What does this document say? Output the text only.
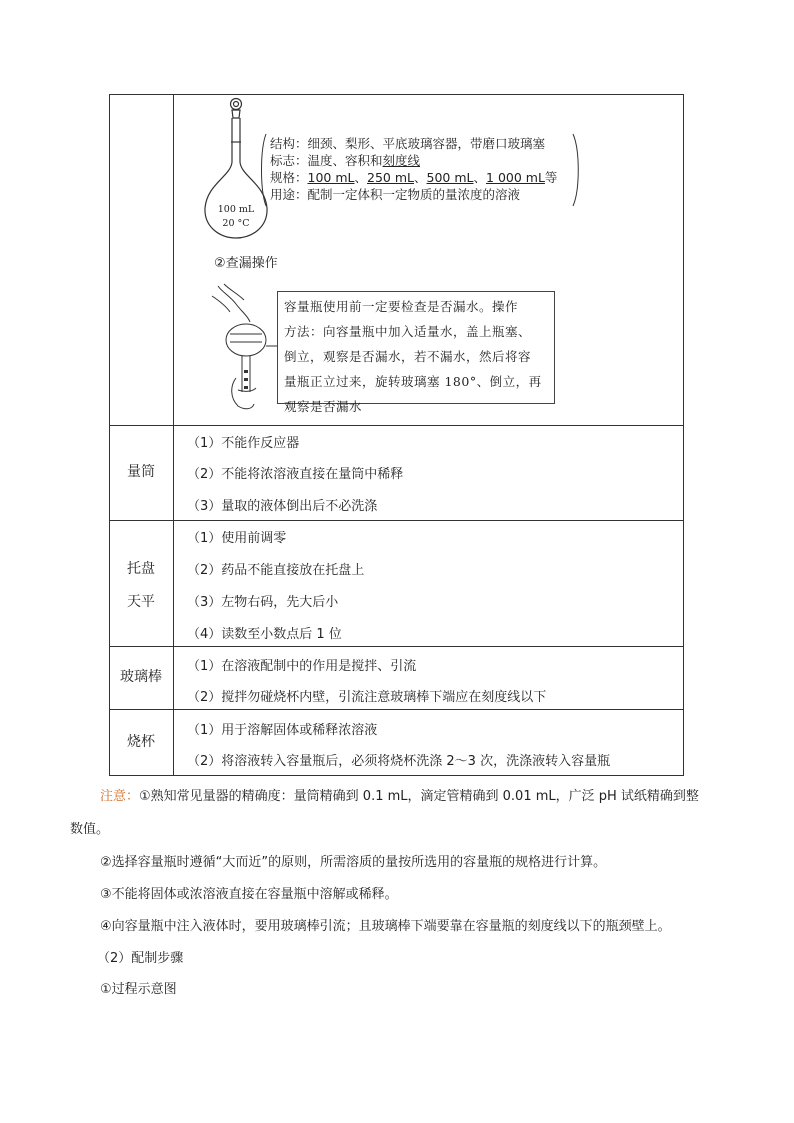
量筒
（1）不能作反应器
（2）不能将浓溶液直接在量筒中稀释
（3）量取的液体倒出后不必洗涤
托盘
天平
（1）使用前调零
（2）药品不能直接放在托盘上
（3）左物右码，先大后小
（4）读数至小数点后 1 位
玻璃棒
（1）在溶液配制中的作用是搅拌、引流
（2）搅拌勿碰烧杯内壁，引流注意玻璃棒下端应在刻度线以下
烧杯
（1）用于溶解固体或稀释浓溶液
（2）将溶液转入容量瓶后，必须将烧杯洗涤 2～3 次，洗涤液转入容量瓶
100 mL
20 °C
结构：细颈、梨形、平底玻璃容器，带磨口玻璃塞
标志：温度、容积和刻度线
规格：100 mL、250 mL、500 mL、1 000 mL等
用途：配制一定体积一定物质的量浓度的溶液
②查漏操作
容量瓶使用前一定要检查是否漏水。操作
方法：向容量瓶中加入适量水，盖上瓶塞、
倒立，观察是否漏水，若不漏水，然后将容
量瓶正立过来，旋转玻璃塞 180°、倒立，再
观察是否漏水
注意：①熟知常见量器的精确度：量筒精确到 0.1 mL，滴定管精确到 0.01 mL，广泛 pH 试纸精确到整
数值。
②选择容量瓶时遵循“大而近”的原则，所需溶质的量按所选用的容量瓶的规格进行计算。
③不能将固体或浓溶液直接在容量瓶中溶解或稀释。
④向容量瓶中注入液体时，要用玻璃棒引流；且玻璃棒下端要靠在容量瓶的刻度线以下的瓶颈壁上。
（2）配制步骤
①过程示意图
